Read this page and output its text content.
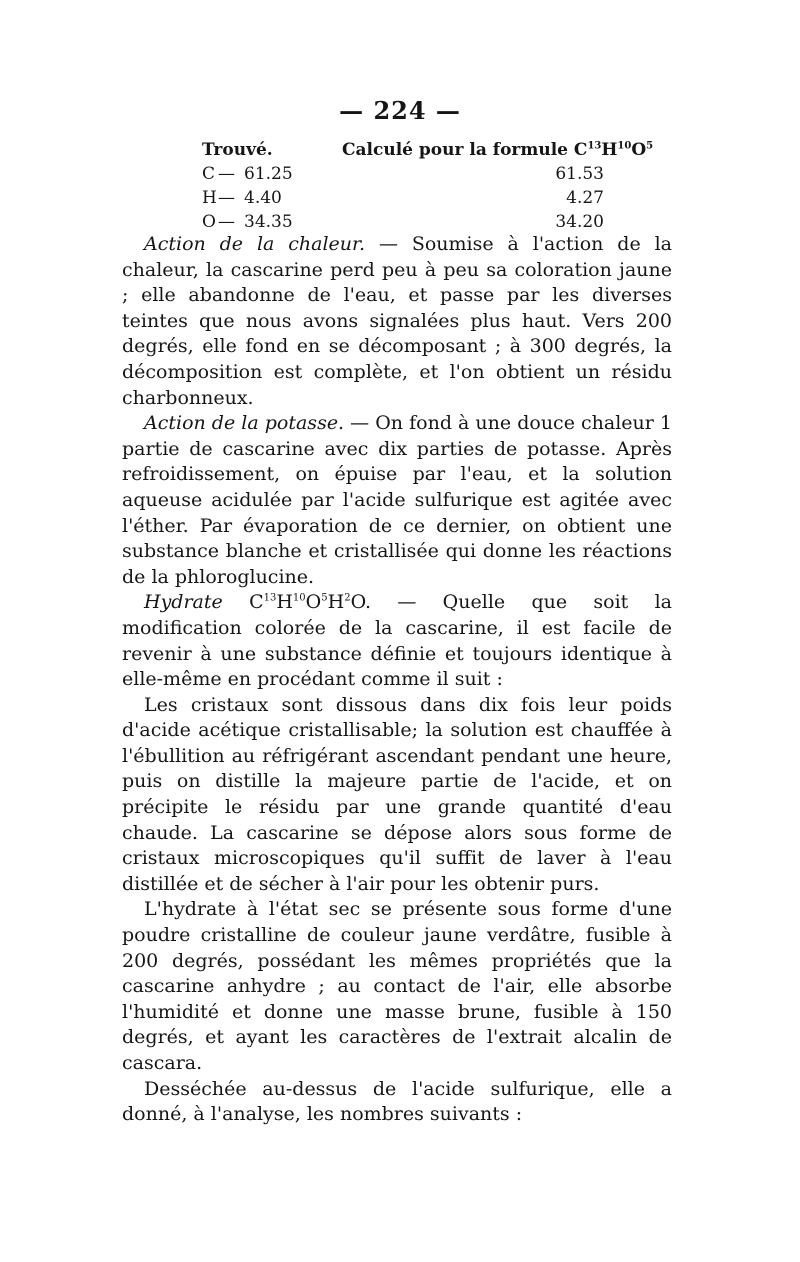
— 224 —
Trouvé.
C — 61.25
H— 4.40
O — 34.35
Calculé pour la formule $C^{13}H^{10}O^5$
61.53
4.27
34.20

Action de la chaleur. — Soumise à l'action de la chaleur, la cascarine perd peu à peu sa coloration jaune ; elle abandonne de l'eau, et passe par les diverses teintes que nous avons signalées plus haut. Vers 200 degrés, elle fond en se décomposant ; à 300 degrés, la décomposition est complète, et l'on obtient un résidu charbonneux.

Action de la potasse. — On fond à une douce chaleur 1 partie de cascarine avec dix parties de potasse. Après refroidissement, on épuise par l'eau, et la solution aqueuse acidulée par l'acide sulfurique est agitée avec l'éther. Par évaporation de ce dernier, on obtient une substance blanche et cristallisée qui donne les réactions de la phloroglucine.

Hydrate $C^{13}H^{10}O^5H^2O$. — Quelle que soit la modification colorée de la cascarine, il est facile de revenir à une substance définie et toujours identique à elle-même en procédant comme il suit :

Les cristaux sont dissous dans dix fois leur poids d'acide acétique cristallisable; la solution est chauffée à l'ébullition au réfrigérant ascendant pendant une heure, puis on distille la majeure partie de l'acide, et on précipite le résidu par une grande quantité d'eau chaude. La cascarine se dépose alors sous forme de cristaux microscopiques qu'il suffit de laver à l'eau distillée et de sécher à l'air pour les obtenir purs.

L'hydrate à l'état sec se présente sous forme d'une poudre cristalline de couleur jaune verdâtre, fusible à 200 degrés, possédant les mêmes propriétés que la cascarine anhydre ; au contact de l'air, elle absorbe l'humidité et donne une masse brune, fusible à 150 degrés, et ayant les caractères de l'extrait alcalin de cascara.

Desséchée au-dessus de l'acide sulfurique, elle a donné, à l'analyse, les nombres suivants :
